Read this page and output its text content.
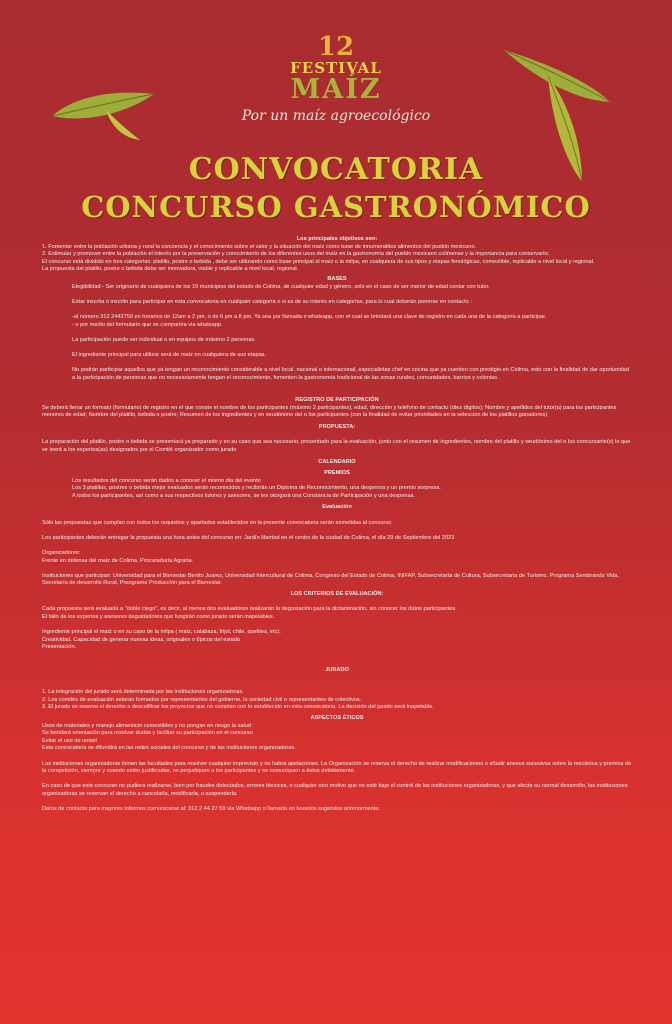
12
FESTIVAL
MAÍZ
Por un maíz agroecológico
CONVOCATORIA
CONCURSO GASTRONÓMICO
Los principales objetivos son:
1. Fomentar entre la población urbana y rural la conciencia y el conocimiento sobre el valor y la situación del maíz como base de innumerables alimentos del pueblo mexicano.
2. Estimular y promover entre la población el interés por la preservación y conocimiento de los diferentes usos del maíz en la gastronomía del pueblo mexicano colimense y la importancia para conservarlo;
El concurso está dividido en tres categorías: platillo, postre o bebida , debe ser utilizando como base principal el maíz o la milpa, en cualquiera de sus tipos y etapas fenológicas, comestible, replicable a nivel local y regional.
La propuesta del platillo, postre o bebida debe ser innovadora, viable y replicable a nivel local, regional.
BASES
Elegibilidad - Ser originario de cualquiera de los 10 municipios del estado de Colima, de cualquier edad y género, solo en el caso de ser menor de edad contar con tutor.
Estar inscrita o inscrito para participar en esta convocatoria en cualquier categoría o si es de su interés en categorías, para lo cual deberán ponerse en contacto :
-al número 312 2442759 en horarios de 12am a 2 pm, o de 6 pm a 8 pm. Ya sea por llamada o whatsapp, con el cual se brindará una clave de registro en cada una de la categoría a participar.
- o por medio del formulario que se compartira via whatsapp.
La participación puede ser individual o en equipos de máximo 2 personas.
El ingrediente principal para utilizar será de maíz en cualquiera de sus etapas.
No podrán participar aquellos que ya tengan un reconocimiento considerable a nivel local, nacional o internacional, especialistas chef en cocina que ya cuenten con prestigio en Colima, esto con la finalidad de dar oportunidad a la participación de personas que no necesariamente tengan el reconocimiento, fomenten la gastronomía tradicional de las zonas rurales, comunidades, barrios y colonias.
REGISTRO DE PARTICIPACIÓN
Se deberá llenar un formato (formulario) de registro en el que conste el nombre de los participantes (máximo 2 participantes), edad, dirección y teléfono de contacto (diez dígitos); Nombre y apellidos del tutor(a) para los participantes menores de edad; Nombre del platillo, bebida o postre; Resumen de los ingredientes y en seudónimo del o los participantes (con la finalidad de evitar prioridades en la seleccion de los platillos ganadores)
PROPUESTA:
La preparación del platillo, postre o bebida se presentará ya preparado y en su caso que sea necesario, presentado para la evaluación, junto con el resumen de ingredientes, nombre del platillo y seudónimo del o los concursante(s) lo que se leerá a los expertos(as) designados por el Comité organizador como jurado
CALENDARIO
PREMIOS
Los resultados del concurso serán dados a conocer el mismo día del evento
Los 3 platillos, postres o bebida mejor evaluados serán reconocidos y recibirán un Diploma de Reconocimiento, una despensa y un premio sorpresa.
A todos los participantes, así como a sus respectivos tutores y asesores, se les otorgará una Constancia de Participación y una despensa.
Evaluación
Sólo las propuestas que cumplan con todos los requisitos y apartados establecidos en la presente convocatoria serán sometidas al concurso.
Los participantes deberán entregar la propuesta una hora antes del concurso en: Jardín libertad en el centro de la ciudad de Colima, el día 29 de Septiembre del 2023
Organizadores:
Frente en defensa del maíz de Colima, Procuraduría Agraria.
Instituciones que participan: Universidad para el Bienestar Benito Juarez, Universidad Intercultural de Colima, Congreso del Estado de Colima, INIFAP, Subsecretaría de Cultura, Subsecretaria de Turismo, Programa Sembrando Vida, Secretaría de desarrollo Rural, Preograma Producción para el Bienestar.
LOS CRITERIOS DE EVALUACIÓN:
Cada propuesta será evaluada a "doble ciego", es decir, al menos dos evaluadores realizarán la degustación para la dictaminación, sin conocer los datos participantes.
El fallo de los expertos y asesores degustadores que fungirán como jurado serán inapelables.
Ingrediente principal el maíz o en su caso de la milpa ( maíz, calabaza, frijol, chile, quelites, etc).
Creatividad. Capacidad de generar nuevas ideas, originales o típicos del estado
Presentación.
JURADO
1. La integración del jurado será determinada por las instituciones organizadoras.
2. Los comités de evaluación estarán formados por representantes del gobierno, la sociedad civil o representantes de colectivos.
3. El jurado se reserva el derecho a descalificar los proyectos que no cumplan con lo establecido en esta convocatoria. La decisión del jurado será inapelable.
ASPECTOS ÉTICOS
Usos de materiales y manejo alimenticio comestibles y no pongan en riesgo la salud
Se brindará orientación para resolver dudas y facilitar su participación en el concurso
Evitar el uso de unisel
Esta convocatoria se difundirá en las redes sociales del concurso y de las instituciones organizadoras.
Las instituciones organizadoras tienen las facultades para resolver cualquier imprevisto y no habrá apelaciones. La Organización se reserva el derecho de realizar modificaciones o añadir anexos sucesivos sobre la mecánica y premios de la competición, siempre y cuando estén justificadas, no perjudiquen a los participantes y se comuniquen a éstos debidamente.
En caso de que este concurso no pudiera realizarse, bien por fraudes detectados, errores técnicos, o cualquier otro motivo que no esté bajo el control de las instituciones organizadoras, y que afecte su normal desarrollo, las instituciones organizadoras se reservan el derecho a cancelarla, modificarla, o suspenderla.
Datos de contacto para mayores informes comunicarse al: 312 2 44 27 59 vía Whatsapp o llamada en horarios sugeridos anteriormente.
